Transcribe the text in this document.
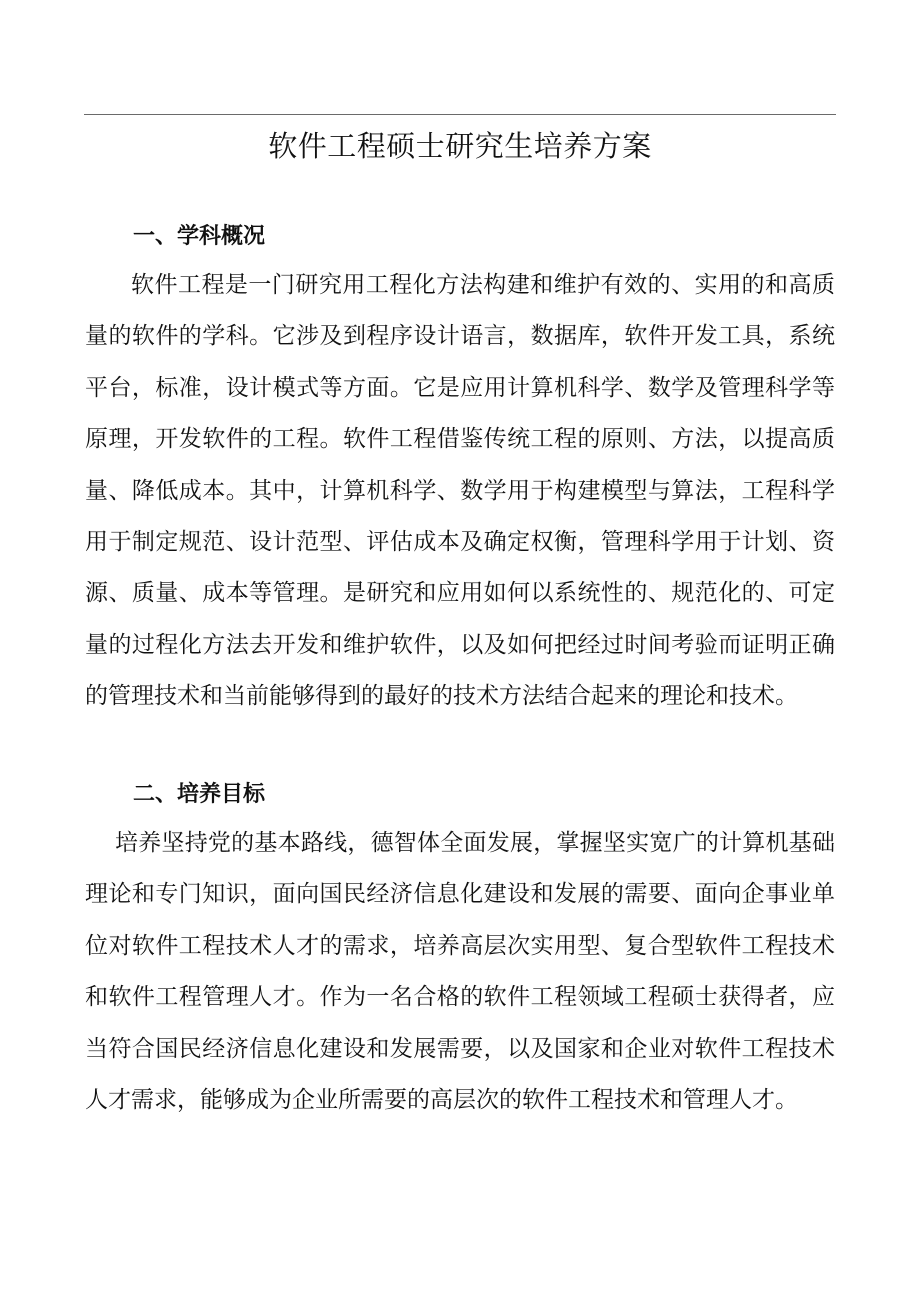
软件工程硕士研究生培养方案
一、学科概况

软件工程是一门研究用工程化方法构建和维护有效的、实用的和高质量的软件的学科。它涉及到程序设计语言，数据库，软件开发工具，系统平台，标准，设计模式等方面。它是应用计算机科学、数学及管理科学等原理，开发软件的工程。软件工程借鉴传统工程的原则、方法，以提高质量、降低成本。其中，计算机科学、数学用于构建模型与算法，工程科学用于制定规范、设计范型、评估成本及确定权衡，管理科学用于计划、资源、质量、成本等管理。是研究和应用如何以系统性的、规范化的、可定量的过程化方法去开发和维护软件，以及如何把经过时间考验而证明正确的管理技术和当前能够得到的最好的技术方法结合起来的理论和技术。

二、培养目标

培养坚持党的基本路线，德智体全面发展，掌握坚实宽广的计算机基础理论和专门知识，面向国民经济信息化建设和发展的需要、面向企事业单位对软件工程技术人才的需求，培养高层次实用型、复合型软件工程技术和软件工程管理人才。作为一名合格的软件工程领域工程硕士获得者，应当符合国民经济信息化建设和发展需要，以及国家和企业对软件工程技术人才需求，能够成为企业所需要的高层次的软件工程技术和管理人才。
